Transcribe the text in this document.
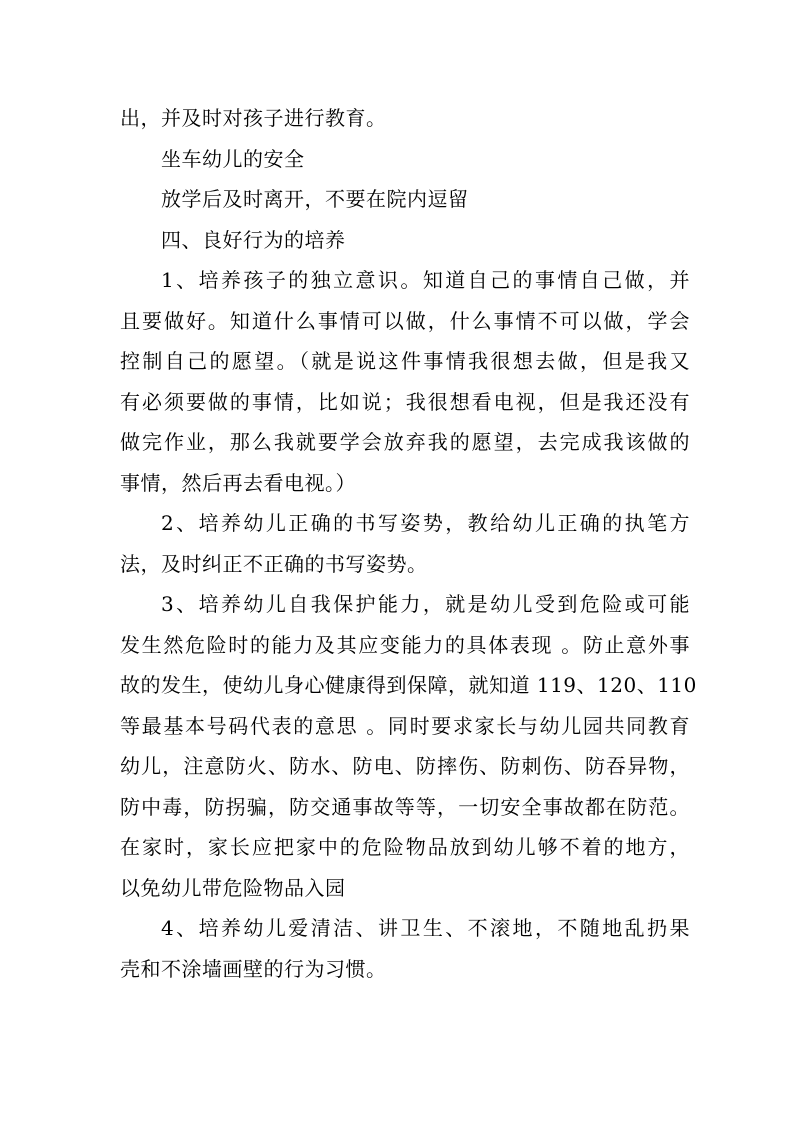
出，并及时对孩子进行教育。
坐车幼儿的安全
放学后及时离开，不要在院内逗留
四、良好行为的培养
1、培养孩子的独立意识。知道自己的事情自己做，并
且要做好。知道什么事情可以做，什么事情不可以做，学会
控制自己的愿望。（就是说这件事情我很想去做，但是我又
有必须要做的事情，比如说；我很想看电视，但是我还没有
做完作业，那么我就要学会放弃我的愿望，去完成我该做的
事情，然后再去看电视。）
2、培养幼儿正确的书写姿势，教给幼儿正确的执笔方
法，及时纠正不正确的书写姿势。
3、培养幼儿自我保护能力，就是幼儿受到危险或可能
发生然危险时的能力及其应变能力的具体表现 。防止意外事
故的发生，使幼儿身心健康得到保障，就知道 119、120、110
等最基本号码代表的意思 。同时要求家长与幼儿园共同教育
幼儿，注意防火、防水、防电、防摔伤、防刺伤、防吞异物，
防中毒，防拐骗，防交通事故等等，一切安全事故都在防范。
在家时，家长应把家中的危险物品放到幼儿够不着的地方，
以免幼儿带危险物品入园
4、培养幼儿爱清洁、讲卫生、不滚地，不随地乱扔果
壳和不涂墙画壁的行为习惯。
